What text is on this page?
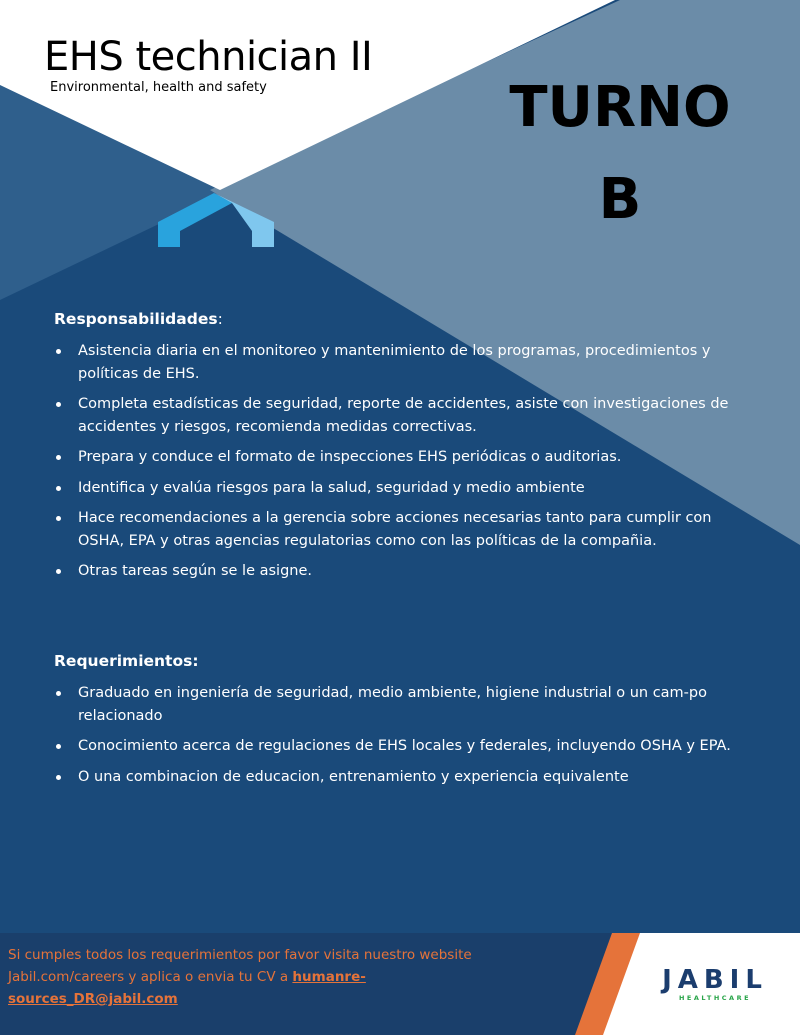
EHS technician II
Environmental, health and safety	TURNO
B
Responsabilidades:
Asistencia diaria en el monitoreo y mantenimiento de los programas, procedimientos y políticas de EHS.
Completa estadísticas de seguridad, reporte de accidentes, asiste con investigaciones de accidentes y riesgos, recomienda medidas correctivas.
Prepara y conduce el formato de inspecciones EHS periódicas o auditorias.
Identifica y evalúa riesgos para la salud, seguridad y medio ambiente
Hace recomendaciones a la gerencia sobre acciones necesarias tanto para cumplir con OSHA, EPA y otras agencias regulatorias como con las políticas de la compañia.
Otras tareas según se le asigne.
Requerimientos:
Graduado en ingeniería de seguridad, medio ambiente, higiene industrial o un cam-po relacionado
Conocimiento acerca de regulaciones de EHS locales y federales, incluyendo OSHA y EPA.
O una combinacion de educacion, entrenamiento y experiencia equivalente
Si cumples todos los requerimientos por favor visita nuestro website
Jabil.com/careers y aplica o envia tu CV a humanre-
sources_DR@jabil.com
JABIL
HEALTHCARE
